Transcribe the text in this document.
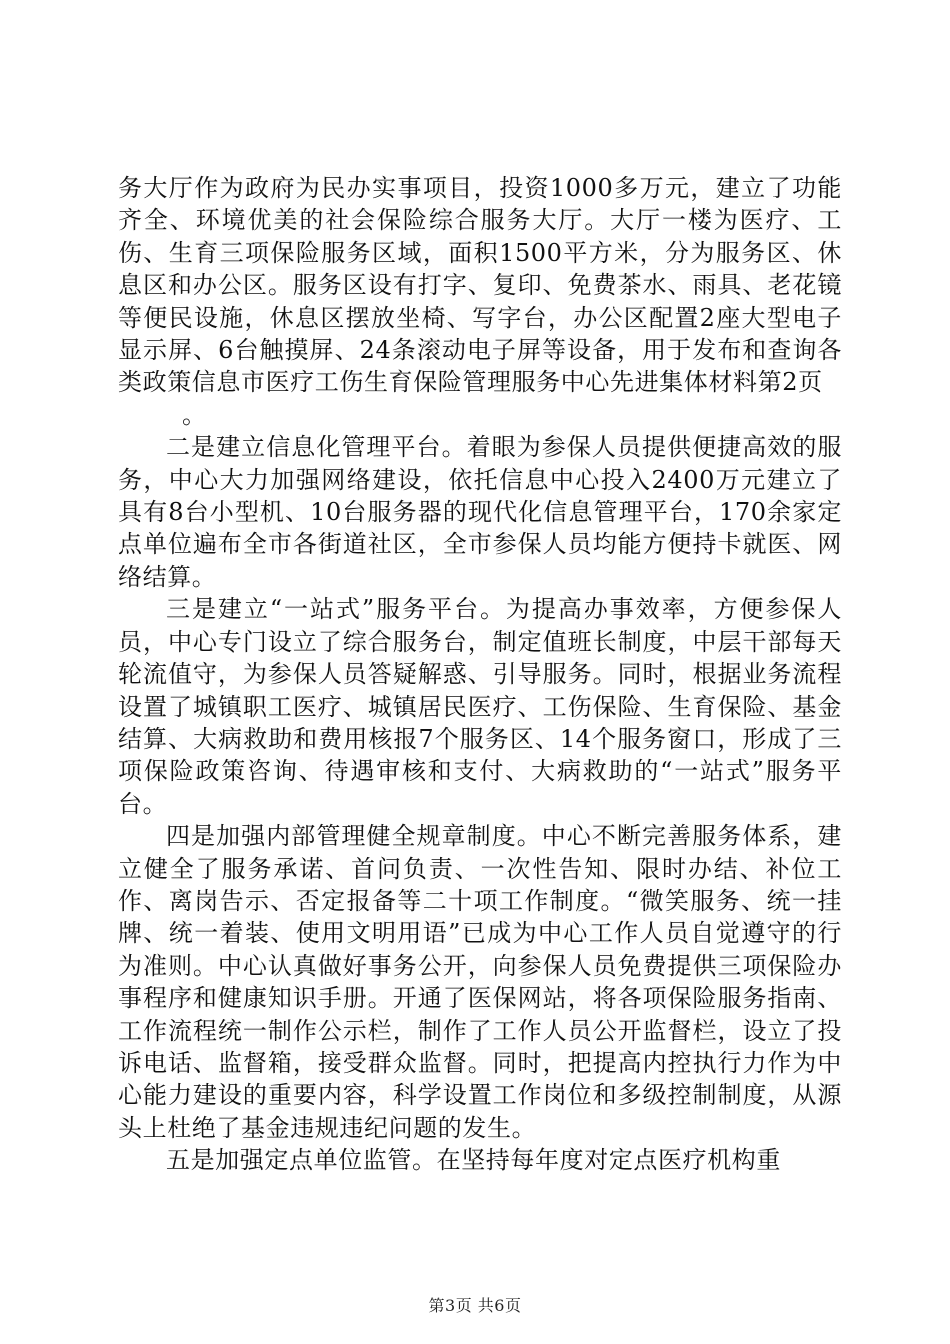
务大厅作为政府为民办实事项目，投资1000多万元，建立了功能齐全、环境优美的社会保险综合服务大厅。大厅一楼为医疗、工伤、生育三项保险服务区域，面积1500平方米，分为服务区、休息区和办公区。服务区设有打字、复印、免费茶水、雨具、老花镜等便民设施，休息区摆放坐椅、写字台，办公区配置2座大型电子显示屏、6台触摸屏、24条滚动电子屏等设备，用于发布和查询各类政策信息市医疗工伤生育保险管理服务中心先进集体材料第2页

。

二是建立信息化管理平台。着眼为参保人员提供便捷高效的服务，中心大力加强网络建设，依托信息中心投入2400万元建立了具有8台小型机、10台服务器的现代化信息管理平台，170余家定点单位遍布全市各街道社区，全市参保人员均能方便持卡就医、网络结算。

三是建立“一站式”服务平台。为提高办事效率，方便参保人员，中心专门设立了综合服务台，制定值班长制度，中层干部每天轮流值守，为参保人员答疑解惑、引导服务。同时，根据业务流程设置了城镇职工医疗、城镇居民医疗、工伤保险、生育保险、基金结算、大病救助和费用核报7个服务区、14个服务窗口，形成了三项保险政策咨询、待遇审核和支付、大病救助的“一站式”服务平台。

四是加强内部管理健全规章制度。中心不断完善服务体系，建立健全了服务承诺、首问负责、一次性告知、限时办结、补位工作、离岗告示、否定报备等二十项工作制度。“微笑服务、统一挂牌、统一着装、使用文明用语”已成为中心工作人员自觉遵守的行为准则。中心认真做好事务公开，向参保人员免费提供三项保险办事程序和健康知识手册。开通了医保网站，将各项保险服务指南、工作流程统一制作公示栏，制作了工作人员公开监督栏，设立了投诉电话、监督箱，接受群众监督。同时，把提高内控执行力作为中心能力建设的重要内容，科学设置工作岗位和多级控制制度，从源头上杜绝了基金违规违纪问题的发生。

五是加强定点单位监管。在坚持每年度对定点医疗机构重

第3页 共6页
